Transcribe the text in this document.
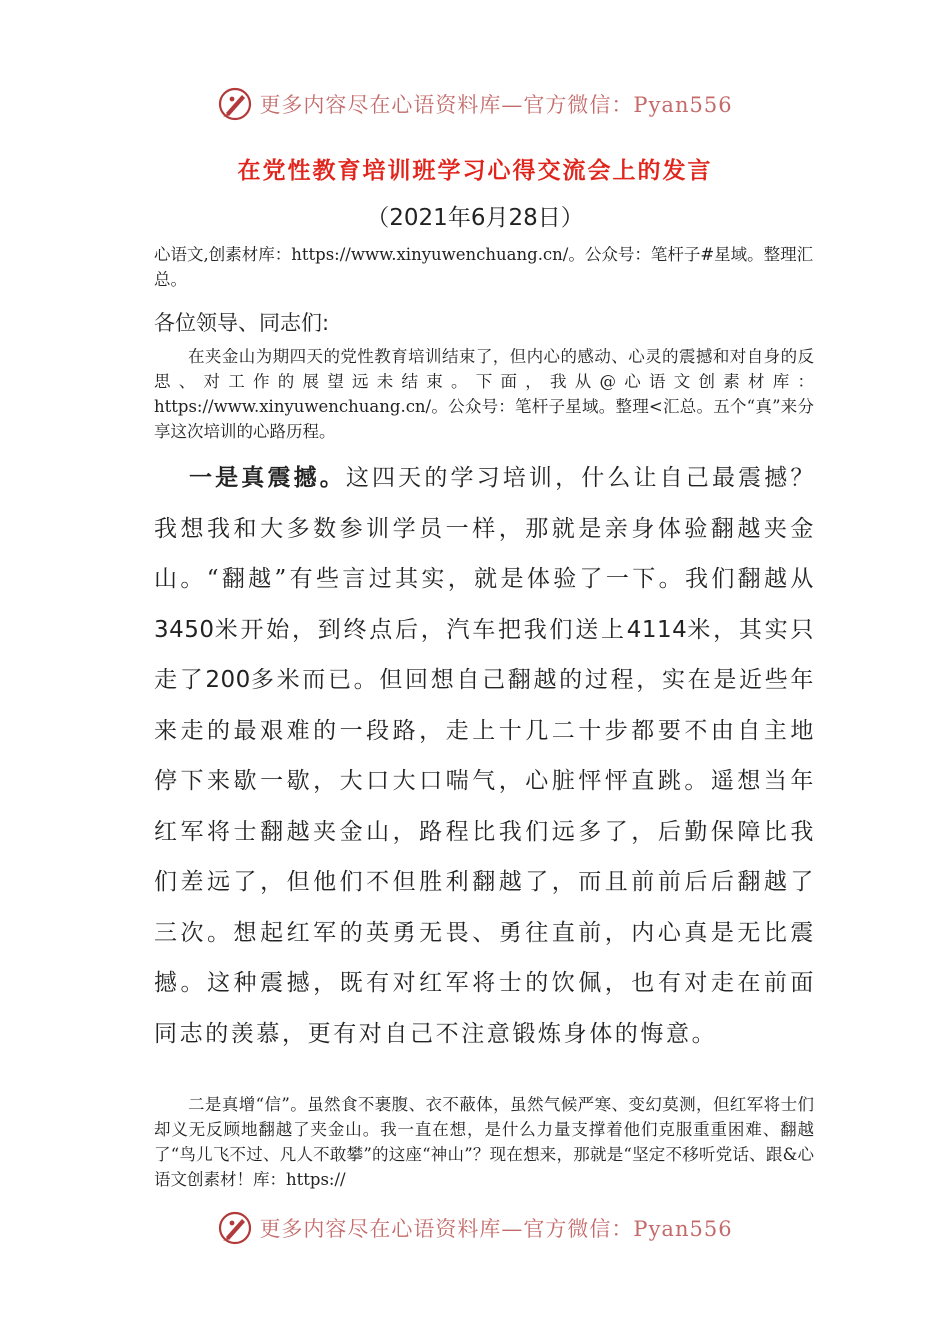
更多内容尽在心语资料库—官方微信：Pyan556
在党性教育培训班学习心得交流会上的发言
（2021年6月28日）
心语文,创素材库：https://www.xinyuwenchuang.cn/。公众号：笔杆子#星域。整理汇总。
各位领导、同志们:
在夹金山为期四天的党性教育培训结束了，但内心的感动、心灵的震撼和对自身的反思、对工作的展望远未结束。下面，我从@心语文创素材库：https://www.xinyuwenchuang.cn/。公众号：笔杆子星域。整理<汇总。五个“真”来分享这次培训的心路历程。
一是真震撼。这四天的学习培训，什么让自己最震撼？我想我和大多数参训学员一样，那就是亲身体验翻越夹金山。“翻越”有些言过其实，就是体验了一下。我们翻越从3450米开始，到终点后，汽车把我们送上4114米，其实只走了200多米而已。但回想自己翻越的过程，实在是近些年来走的最艰难的一段路，走上十几二十步都要不由自主地停下来歇一歇，大口大口喘气，心脏怦怦直跳。遥想当年红军将士翻越夹金山，路程比我们远多了，后勤保障比我们差远了，但他们不但胜利翻越了，而且前前后后翻越了三次。想起红军的英勇无畏、勇往直前，内心真是无比震撼。这种震撼，既有对红军将士的饮佩，也有对走在前面同志的羡慕，更有对自己不注意锻炼身体的悔意。
二是真增“信”。虽然食不裹腹、衣不蔽体，虽然气候严寒、变幻莫测，但红军将士们却义无反顾地翻越了夹金山。我一直在想，是什么力量支撑着他们克服重重困难、翻越了“鸟儿飞不过、凡人不敢攀”的这座“神山”？现在想来，那就是“坚定不移听党话、跟&心语文创素材！库：https://
更多内容尽在心语资料库—官方微信：Pyan556
